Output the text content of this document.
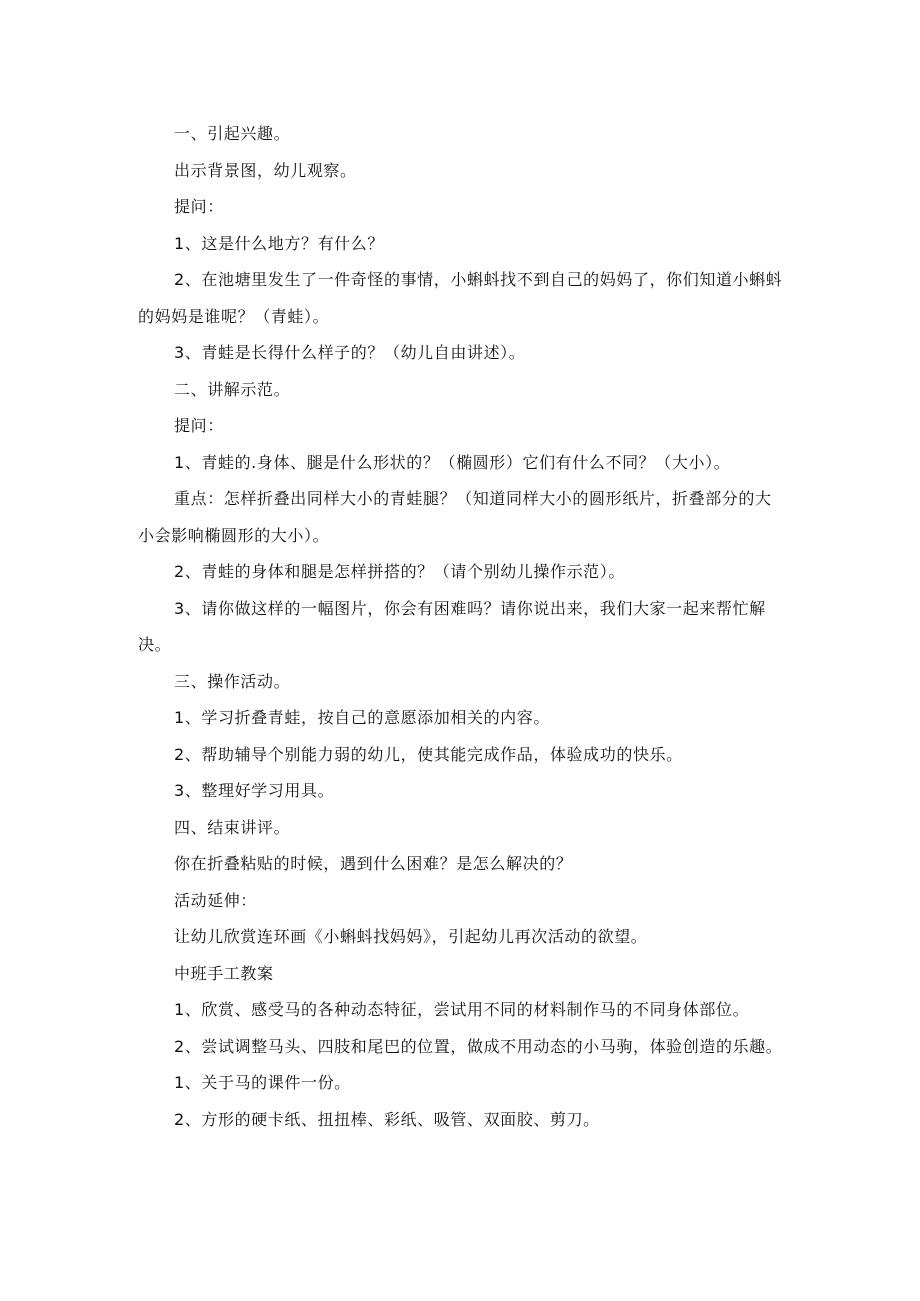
一、引起兴趣。

出示背景图，幼儿观察。

提问：

1、这是什么地方？有什么？

2、在池塘里发生了一件奇怪的事情，小蝌蚪找不到自己的妈妈了，你们知道小蝌蚪的妈妈是谁呢？（青蛙）。

3、青蛙是长得什么样子的？（幼儿自由讲述）。

二、讲解示范。

提问：

1、青蛙的.身体、腿是什么形状的？（椭圆形）它们有什么不同？（大小）。

重点：怎样折叠出同样大小的青蛙腿？（知道同样大小的圆形纸片，折叠部分的大小会影响椭圆形的大小）。

2、青蛙的身体和腿是怎样拼搭的？（请个别幼儿操作示范）。

3、请你做这样的一幅图片，你会有困难吗？请你说出来，我们大家一起来帮忙解决。

三、操作活动。

1、学习折叠青蛙，按自己的意愿添加相关的内容。

2、帮助辅导个别能力弱的幼儿，使其能完成作品，体验成功的快乐。

3、整理好学习用具。

四、结束讲评。

你在折叠粘贴的时候，遇到什么困难？是怎么解决的？

活动延伸：

让幼儿欣赏连环画《小蝌蚪找妈妈》，引起幼儿再次活动的欲望。

中班手工教案

1、欣赏、感受马的各种动态特征，尝试用不同的材料制作马的不同身体部位。

2、尝试调整马头、四肢和尾巴的位置，做成不用动态的小马驹，体验创造的乐趣。

1、关于马的课件一份。

2、方形的硬卡纸、扭扭棒、彩纸、吸管、双面胶、剪刀。
